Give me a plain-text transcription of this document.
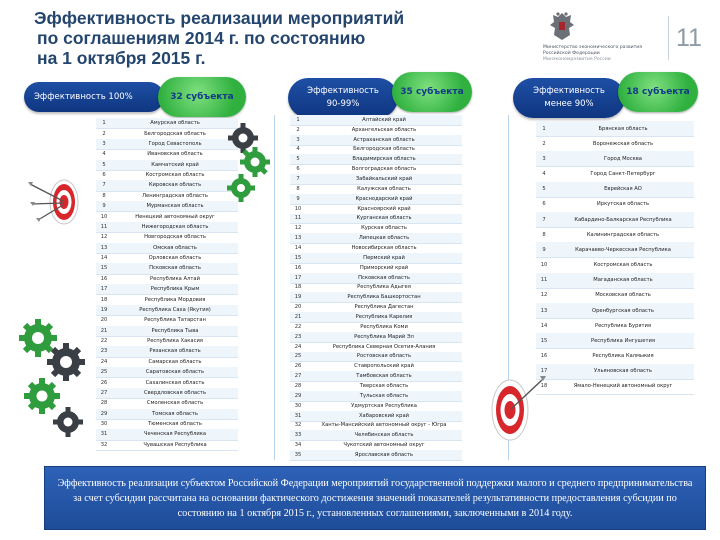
Эффективность реализации мероприятий
по соглашениям 2014 г. по состоянию
на 1 октября 2015 г.
Министерство экономического развития
Российской Федерации
Минэкономразвития России
11
Эффективность 100%	32 субъекта
Эффективность
90-99%
35 субъекта	Эффективность
менее 90%
18 субъекта
1	Амурская область
2	Белгородская область
3	Город Севастополь
4	Ивановская область
5	Камчатский край
6	Костромская область
7	Кировская область
8	Ленинградская область
9	Мурманская область
10	Ненецкий автономный округ
11	Нижегородская область
12	Новгородская область
13	Омская область
14	Орловская область
15	Псковская область
16	Республика Алтай
17	Республика Крым
18	Республика Мордовия
19	Республика Саха (Якутия)
20	Республика Татарстан
21	Республика Тыва
22	Республика Хакасия
23	Рязанская область
24	Самарская область
25	Саратовская область
26	Сахалинская область
27	Свердловская область
28	Смоленская область
29	Томская область
30	Тюменская область
31	Чеченская Республика
32	Чувашская Республика
1	Алтайский край
2	Архангельская область
3	Астраханская область
4	Белгородская область
5	Владимирская область
6	Волгоградская область
7	Забайкальский край
8	Калужская область
9	Краснодарский край
10	Красноярский край
11	Курганская область
12	Курская область
13	Липецкая область
14	Новосибирская область
15	Пермский край
16	Приморский край
17	Псковская область
18	Республика Адыгея
19	Республика Башкортостан
20	Республика Дагестан
21	Республика Карелия
22	Республика Коми
23	Республика Марий Эл
24	Республика Северная Осетия-Алания
25	Ростовская область
26	Ставропольский край
27	Тамбовская область
28	Тверская область
29	Тульская область
30	Удмуртская Республика
31	Хабаровский край
32	Ханты-Мансийский автономный округ - Югра
33	Челябинская область
34	Чукотский автономный округ
35	Ярославская область
1	Брянская область
2	Воронежская область
3	Город Москва
4	Город Санкт-Петербург
5	Еврейская АО
6	Иркутская область
7	Кабардино-Балкарская Республика
8	Калининградская область
9	Карачаево-Черкесская Республика
10	Костромская область
11	Магаданская область
12	Московская область
13	Оренбургская область
14	Республика Бурятия
15	Республика Ингушетия
16	Республика Калмыкия
17	Ульяновская область
18	Ямало-Ненецкий автономный округ
Эффективность реализации субъектом Российской Федерации мероприятий государственной поддержки малого и среднего предпринимательства за счет субсидии рассчитана на основании фактического достижения значений показателей результативности предоставления субсидии по состоянию на 1 октября 2015 г., установленных соглашениями, заключенными в 2014 году.
